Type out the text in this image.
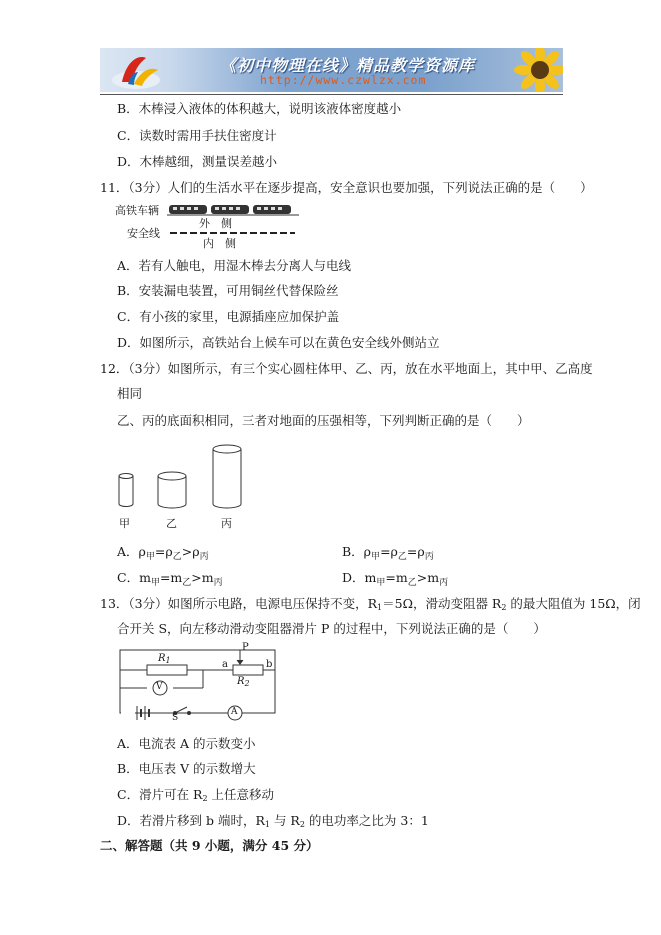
《初中物理在线》精品教学资源库
http://www.czwlzx.com
B．木棒浸入液体的体积越大，说明该液体密度越小
C．读数时需用手扶住密度计
D．木棒越细，测量误差越小
11．（3分）人们的生活水平在逐步提高，安全意识也要加强，下列说法正确的是（　　）
高铁车辆
外　侧
安全线
内　侧
A．若有人触电，用湿木棒去分离人与电线
B．安装漏电装置，可用铜丝代替保险丝
C．有小孩的家里，电源插座应加保护盖
D．如图所示，高铁站台上候车可以在黄色安全线外侧站立
12．（3分）如图所示，有三个实心圆柱体甲、乙、丙，放在水平地面上，其中甲、乙高度
相同
乙、丙的底面积相同，三者对地面的压强相等，下列判断正确的是（　　）
甲	乙	丙
A．$\rho_甲=\rho_乙>\rho_丙$	B．$\rho_甲=\rho_乙=\rho_丙$
C．$m_甲=m_乙>m_丙$	D．$m_甲=m_乙>m_丙$
13．（3分）如图所示电路，电源电压保持不变，R1＝5Ω，滑动变阻器 R2 的最大阻值为 15Ω，闭
合开关 S，向左移动滑动变阻器滑片 P 的过程中，下列说法正确的是（　　）
$R_1$
P
a	b
$R_2$
V
A
S
A．电流表 A 的示数变小
B．电压表 V 的示数增大
C．滑片可在 R2 上任意移动
D．若滑片移到 b 端时，R1 与 R2 的电功率之比为 3：1
二、解答题（共 9 小题，满分 45 分）
